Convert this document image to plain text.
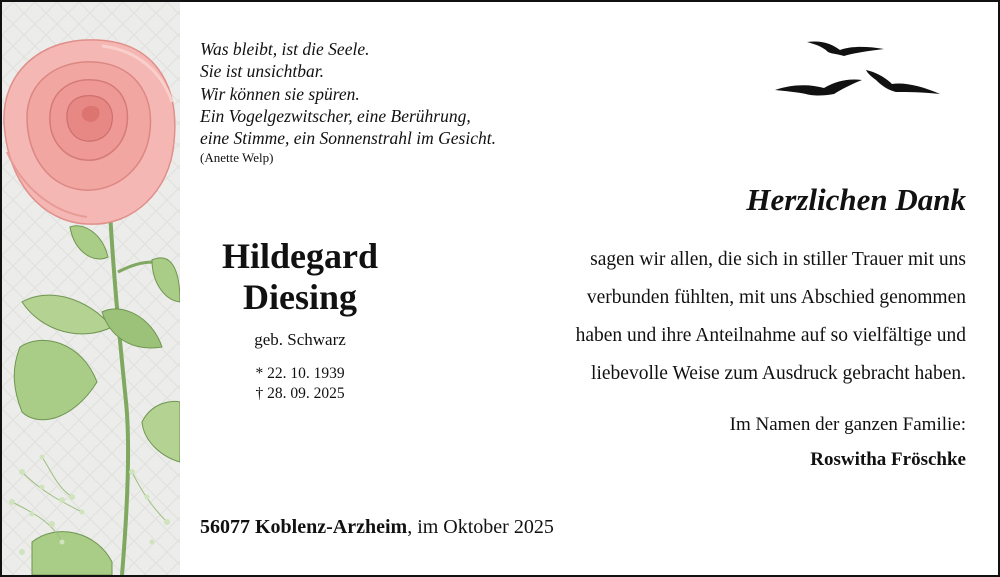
Was bleibt, ist die Seele.
Sie ist unsichtbar.
Wir können sie spüren.
Ein Vogelgezwitscher, eine Berührung,
eine Stimme, ein Sonnenstrahl im Gesicht.
(Anette Welp)
Hildegard
Diesing
geb. Schwarz
* 22. 10. 1939
† 28. 09. 2025
Herzlichen Dank
sagen wir allen, die sich in stiller Trauer mit uns
verbunden fühlten, mit uns Abschied genommen
haben und ihre Anteilnahme auf so vielfältige und
liebevolle Weise zum Ausdruck gebracht haben.
Im Namen der ganzen Familie:
Roswitha Fröschke
56077 Koblenz-Arzheim, im Oktober 2025
